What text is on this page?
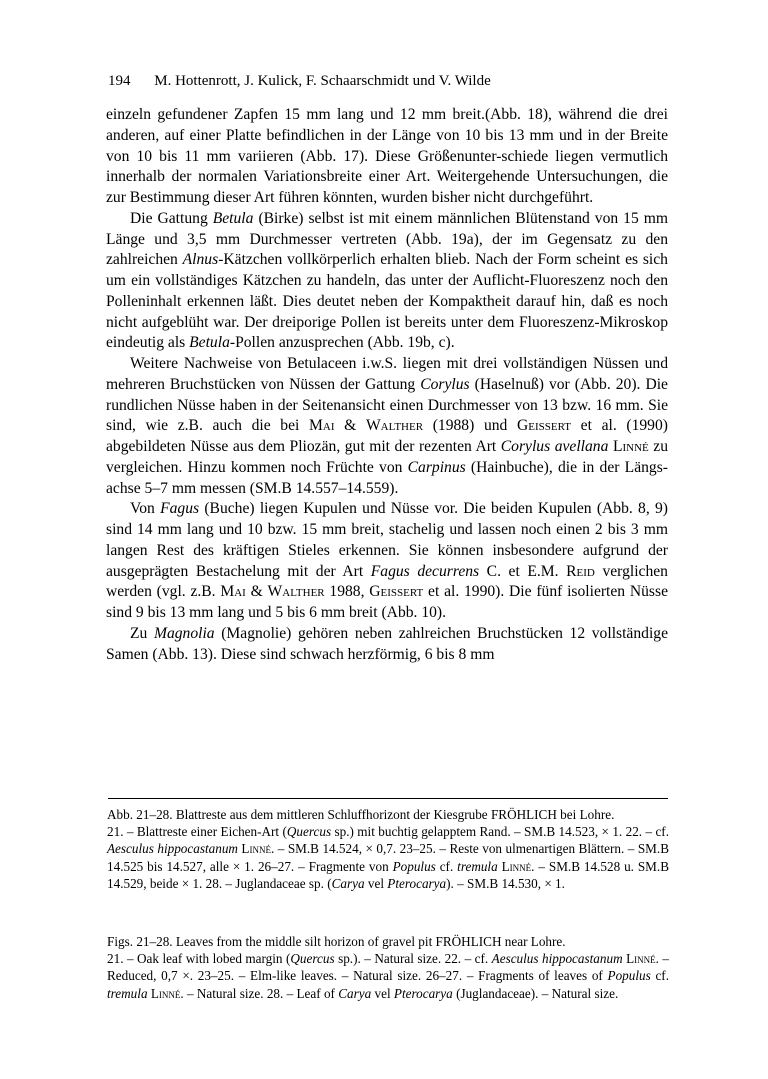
194 M. Hottenrott, J. Kulick, F. Schaarschmidt und V. Wilde

einzeln gefundener Zapfen 15 mm lang und 12 mm breit.(Abb. 18), während die drei anderen, auf einer Platte befindlichen in der Länge von 10 bis 13 mm und in der Breite von 10 bis 11 mm variieren (Abb. 17). Diese Größenunter-schiede liegen vermutlich innerhalb der normalen Variationsbreite einer Art. Weitergehende Untersuchungen, die zur Bestimmung dieser Art führen könnten, wurden bisher nicht durchgeführt.

Die Gattung Betula (Birke) selbst ist mit einem männlichen Blütenstand von 15 mm Länge und 3,5 mm Durchmesser vertreten (Abb. 19a), der im Gegensatz zu den zahlreichen Alnus-Kätzchen vollkörperlich erhalten blieb. Nach der Form scheint es sich um ein vollständiges Kätzchen zu handeln, das unter der Auflicht-Fluoreszenz noch den Polleninhalt erkennen läßt. Dies deutet neben der Kompaktheit darauf hin, daß es noch nicht aufgeblüht war. Der dreiporige Pollen ist bereits unter dem Fluoreszenz-Mikroskop eindeutig als Betula-Pollen anzusprechen (Abb. 19b, c).

Weitere Nachweise von Betulaceen i.w.S. liegen mit drei vollständigen Nüssen und mehreren Bruchstücken von Nüssen der Gattung Corylus (Haselnuß) vor (Abb. 20). Die rundlichen Nüsse haben in der Seitenansicht einen Durchmesser von 13 bzw. 16 mm. Sie sind, wie z.B. auch die bei Mai & Walther (1988) und Geissert et al. (1990) abgebildeten Nüsse aus dem Pliozän, gut mit der rezenten Art Corylus avellana Linné zu vergleichen. Hinzu kommen noch Früchte von Carpinus (Hainbuche), die in der Längs-achse 5–7 mm messen (SM.B 14.557–14.559).

Von Fagus (Buche) liegen Kupulen und Nüsse vor. Die beiden Kupulen (Abb. 8, 9) sind 14 mm lang und 10 bzw. 15 mm breit, stachelig und lassen noch einen 2 bis 3 mm langen Rest des kräftigen Stieles erkennen. Sie können insbesondere aufgrund der ausgeprägten Bestachelung mit der Art Fagus decurrens C. et E.M. Reid verglichen werden (vgl. z.B. Mai & Walther 1988, Geissert et al. 1990). Die fünf isolierten Nüsse sind 9 bis 13 mm lang und 5 bis 6 mm breit (Abb. 10).

Zu Magnolia (Magnolie) gehören neben zahlreichen Bruchstücken 12 vollständige Samen (Abb. 13). Diese sind schwach herzförmig, 6 bis 8 mm

Abb. 21–28. Blattreste aus dem mittleren Schluffhorizont der Kiesgrube FRÖHLICH bei Lohre.

21. – Blattreste einer Eichen-Art (Quercus sp.) mit buchtig gelapptem Rand. – SM.B 14.523, × 1. 22. – cf. Aesculus hippocastanum Linné. – SM.B 14.524, × 0,7. 23–25. – Reste von ulmenartigen Blättern. – SM.B 14.525 bis 14.527, alle × 1. 26–27. – Fragmente von Populus cf. tremula Linné. – SM.B 14.528 u. SM.B 14.529, beide × 1. 28. – Juglandaceae sp. (Carya vel Pterocarya). – SM.B 14.530, × 1.

Figs. 21–28. Leaves from the middle silt horizon of gravel pit FRÖHLICH near Lohre.

21. – Oak leaf with lobed margin (Quercus sp.). – Natural size. 22. – cf. Aesculus hippocastanum Linné. – Reduced, 0,7 ×. 23–25. – Elm-like leaves. – Natural size. 26–27. – Fragments of leaves of Populus cf. tremula Linné. – Natural size. 28. – Leaf of Carya vel Pterocarya (Juglandaceae). – Natural size.
